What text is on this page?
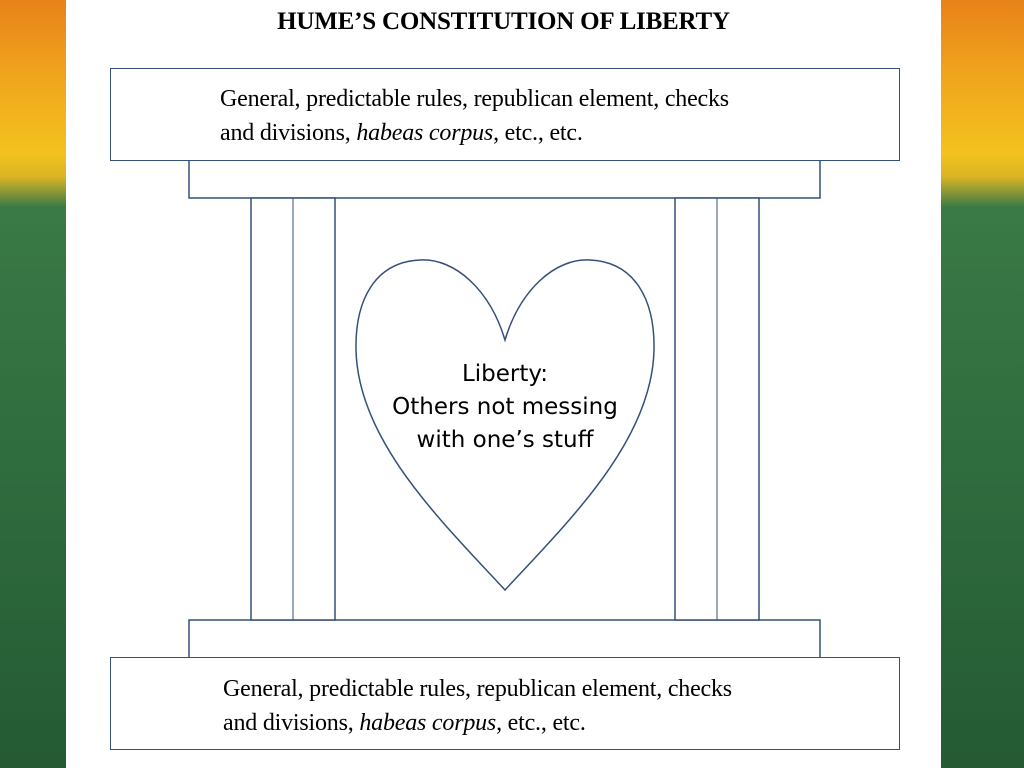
HUME’S CONSTITUTION OF LIBERTY
General, predictable rules, republican element, checks
and divisions, habeas corpus, etc., etc.
General, predictable rules, republican element, checks
and divisions, habeas corpus, etc., etc.
Liberty:
Others not messing
with one’s stuff
